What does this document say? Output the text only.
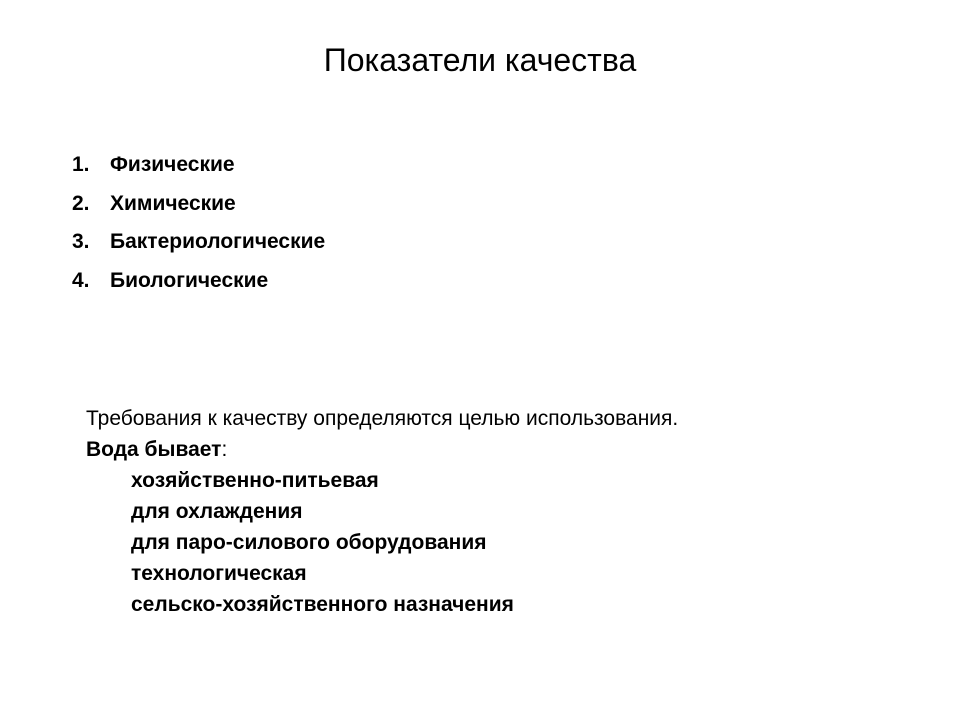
Показатели качества
1. Физические
2. Химические
3. Бактериологические
4. Биологические
Требования к качеству определяются целью использования.
Вода бывает:
хозяйственно-питьевая
для охлаждения
для паро-силового оборудования
технологическая
сельско-хозяйственного назначения
